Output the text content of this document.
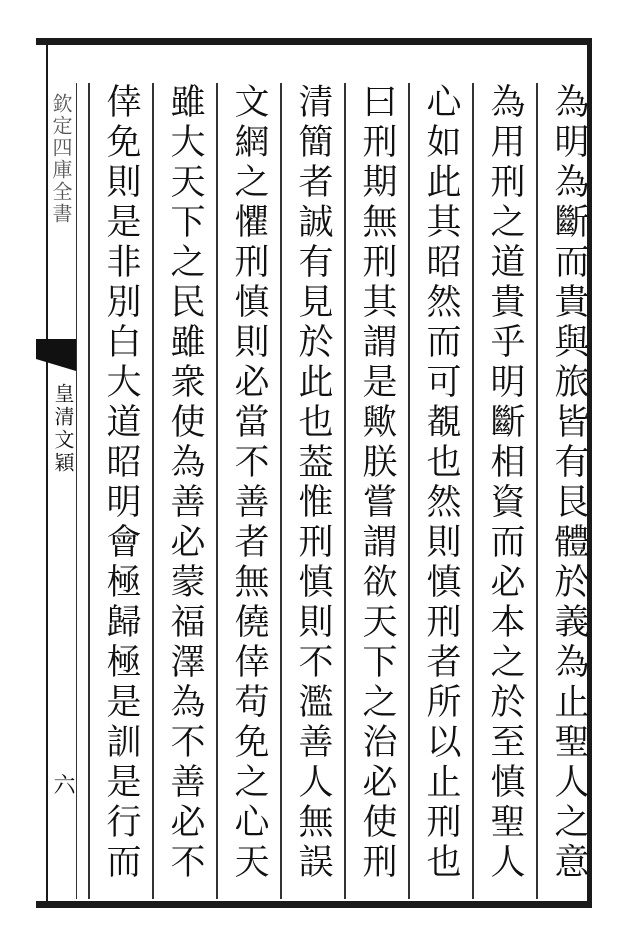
欽定四庫全書
皇清文穎
六
為明為斷而貴與旅皆有艮體於義為止聖人之意
為用刑之道貴乎明斷相資而必本之於至慎聖人
心如此其昭然而可覩也然則慎刑者所以止刑也
曰刑期無刑其謂是歟朕嘗謂欲天下之治必使刑
清簡者誠有見於此也葢惟刑慎則不濫善人無誤
文網之懼刑慎則必當不善者無僥倖苟免之心天
雖大天下之民雖衆使為善必蒙福澤為不善必不
倖免則是非別白大道昭明會極歸極是訓是行而
